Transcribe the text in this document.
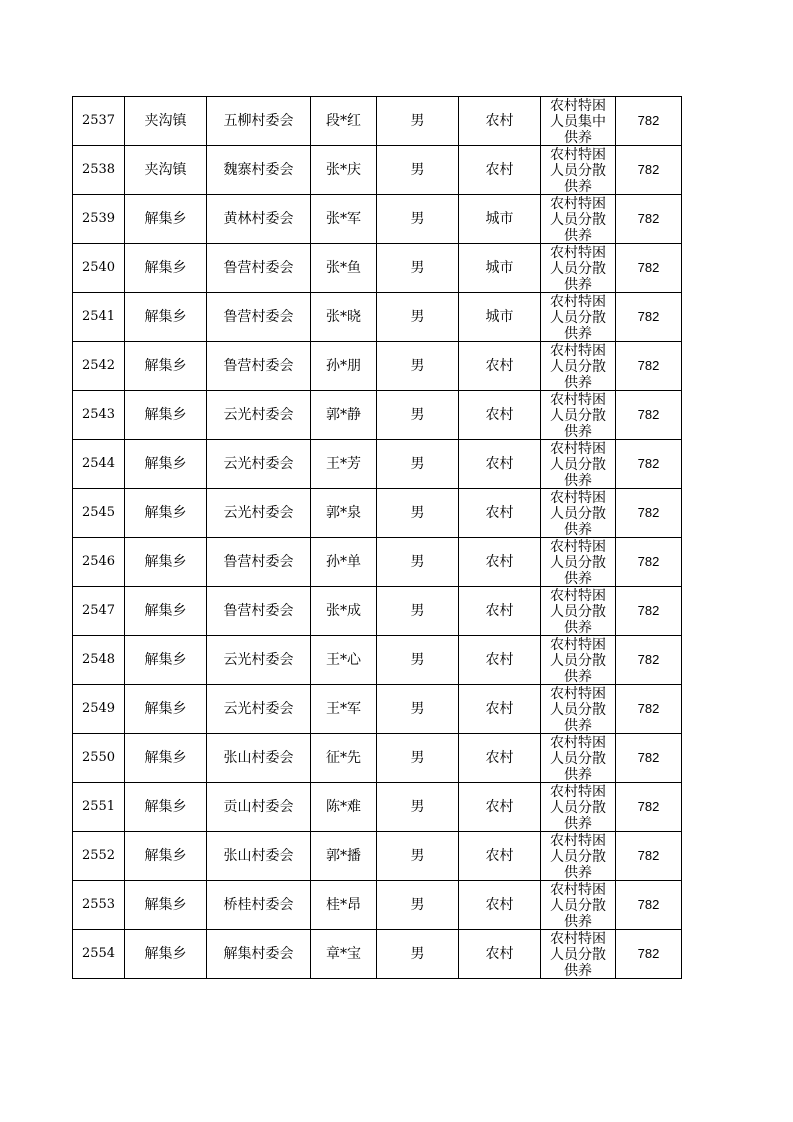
2537	夹沟镇	五柳村委会	段*红	男	农村	农村特困人员集中供养	782
2538	夹沟镇	魏寨村委会	张*庆	男	农村	农村特困人员分散供养	782
2539	解集乡	黄林村委会	张*军	男	城市	农村特困人员分散供养	782
2540	解集乡	鲁营村委会	张*鱼	男	城市	农村特困人员分散供养	782
2541	解集乡	鲁营村委会	张*晓	男	城市	农村特困人员分散供养	782
2542	解集乡	鲁营村委会	孙*朋	男	农村	农村特困人员分散供养	782
2543	解集乡	云光村委会	郭*静	男	农村	农村特困人员分散供养	782
2544	解集乡	云光村委会	王*芳	男	农村	农村特困人员分散供养	782
2545	解集乡	云光村委会	郭*泉	男	农村	农村特困人员分散供养	782
2546	解集乡	鲁营村委会	孙*单	男	农村	农村特困人员分散供养	782
2547	解集乡	鲁营村委会	张*成	男	农村	农村特困人员分散供养	782
2548	解集乡	云光村委会	王*心	男	农村	农村特困人员分散供养	782
2549	解集乡	云光村委会	王*军	男	农村	农村特困人员分散供养	782
2550	解集乡	张山村委会	征*先	男	农村	农村特困人员分散供养	782
2551	解集乡	贡山村委会	陈*难	男	农村	农村特困人员分散供养	782
2552	解集乡	张山村委会	郭*播	男	农村	农村特困人员分散供养	782
2553	解集乡	桥桂村委会	桂*昂	男	农村	农村特困人员分散供养	782
2554	解集乡	解集村委会	章*宝	男	农村	农村特困人员分散供养	782
